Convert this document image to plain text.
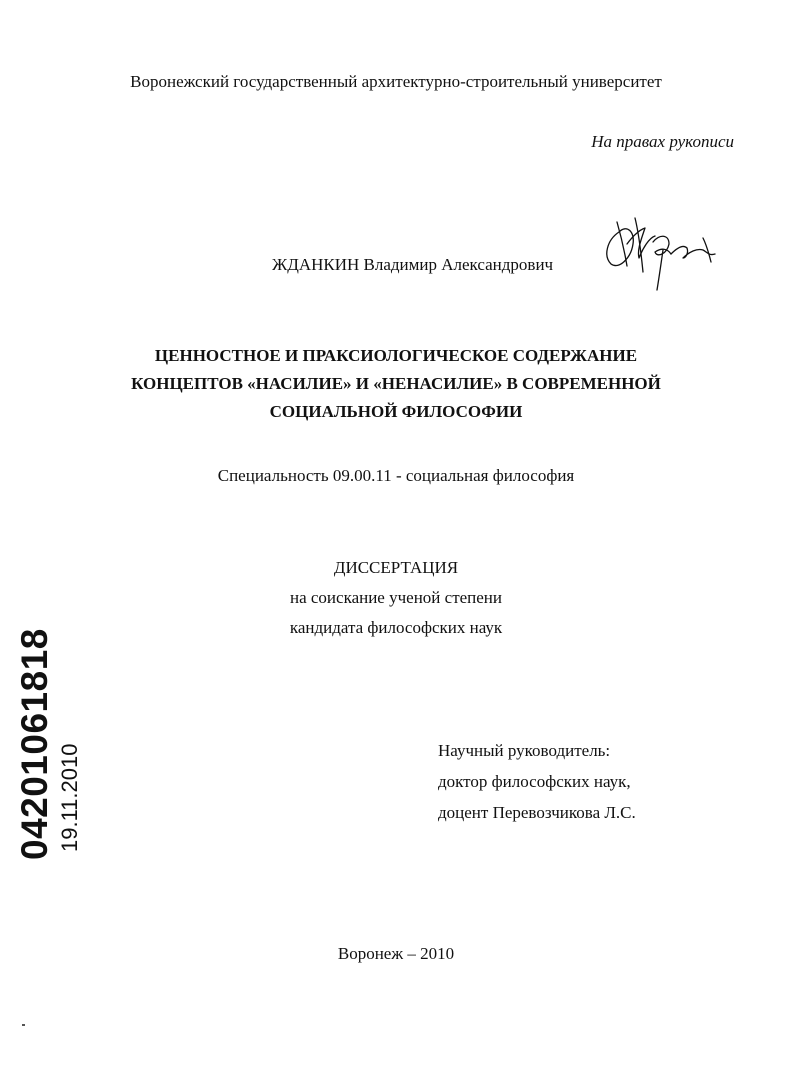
Воронежский государственный архитектурно-строительный университет
На правах рукописи
ЖДАНКИН Владимир Александрович
ЦЕННОСТНОЕ И ПРАКСИОЛОГИЧЕСКОЕ СОДЕРЖАНИЕ
КОНЦЕПТОВ «НАСИЛИЕ» И «НЕНАСИЛИЕ» В СОВРЕМЕННОЙ
СОЦИАЛЬНОЙ ФИЛОСОФИИ
Специальность 09.00.11 - социальная философия
ДИССЕРТАЦИЯ
на соискание ученой степени
кандидата философских наук
Научный руководитель:
доктор философских наук,
доцент Перевозчикова Л.С.
Воронеж – 2010
04201061818 19.11.2010
